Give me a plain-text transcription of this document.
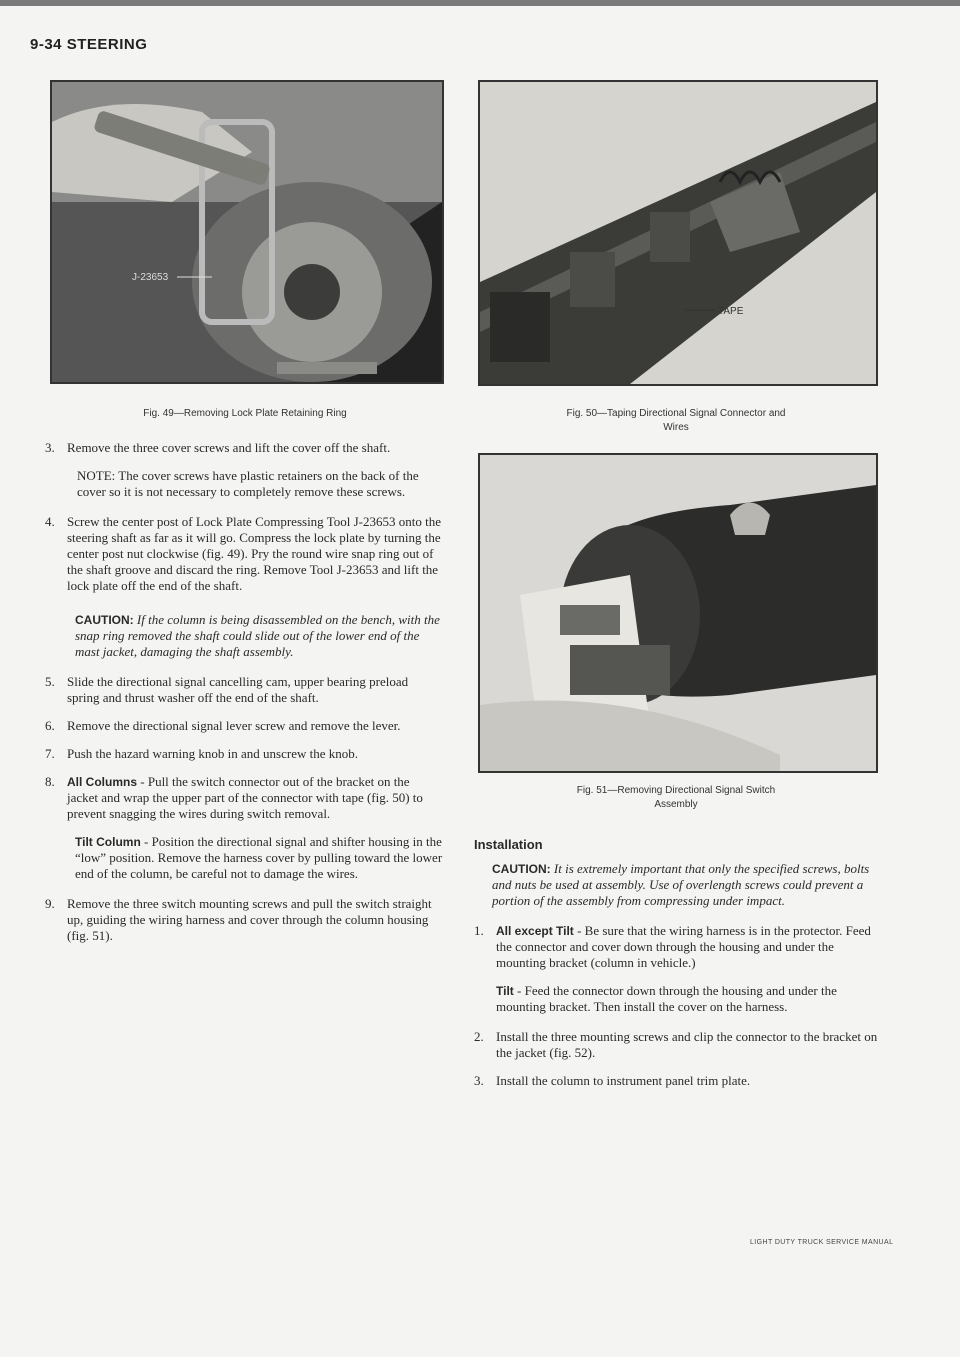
9-34 STEERING
J-23653
Fig. 49—Removing Lock Plate Retaining Ring
TAPE
Fig. 50—Taping Directional Signal Connector and
Wires
Fig. 51—Removing Directional Signal Switch
Assembly
3. Remove the three cover screws and lift the cover off the shaft.
NOTE: The cover screws have plastic retainers on the back of the cover so it is not necessary to completely remove these screws.
4. Screw the center post of Lock Plate Compressing Tool J-23653 onto the steering shaft as far as it will go. Compress the lock plate by turning the center post nut clockwise (fig. 49). Pry the round wire snap ring out of the shaft groove and discard the ring. Remove Tool J-23653 and lift the lock plate off the end of the shaft.
CAUTION: If the column is being disassembled on the bench, with the snap ring removed the shaft could slide out of the lower end of the mast jacket, damaging the shaft assembly.
5. Slide the directional signal cancelling cam, upper bearing preload spring and thrust washer off the end of the shaft.
6. Remove the directional signal lever screw and remove the lever.
7. Push the hazard warning knob in and unscrew the knob.
8. All Columns - Pull the switch connector out of the bracket on the jacket and wrap the upper part of the connector with tape (fig. 50) to prevent snagging the wires during switch removal.
Tilt Column - Position the directional signal and shifter housing in the “low” position. Remove the harness cover by pulling toward the lower end of the column, be careful not to damage the wires.
9. Remove the three switch mounting screws and pull the switch straight up, guiding the wiring harness and cover through the column housing (fig. 51).
Installation
CAUTION: It is extremely important that only the specified screws, bolts and nuts be used at assembly. Use of overlength screws could prevent a portion of the assembly from compressing under impact.
1. All except Tilt - Be sure that the wiring harness is in the protector. Feed the connector and cover down through the housing and under the mounting bracket (column in vehicle.)
Tilt - Feed the connector down through the housing and under the mounting bracket. Then install the cover on the harness.
2. Install the three mounting screws and clip the connector to the bracket on the jacket (fig. 52).
3. Install the column to instrument panel trim plate.
LIGHT DUTY TRUCK SERVICE MANUAL
